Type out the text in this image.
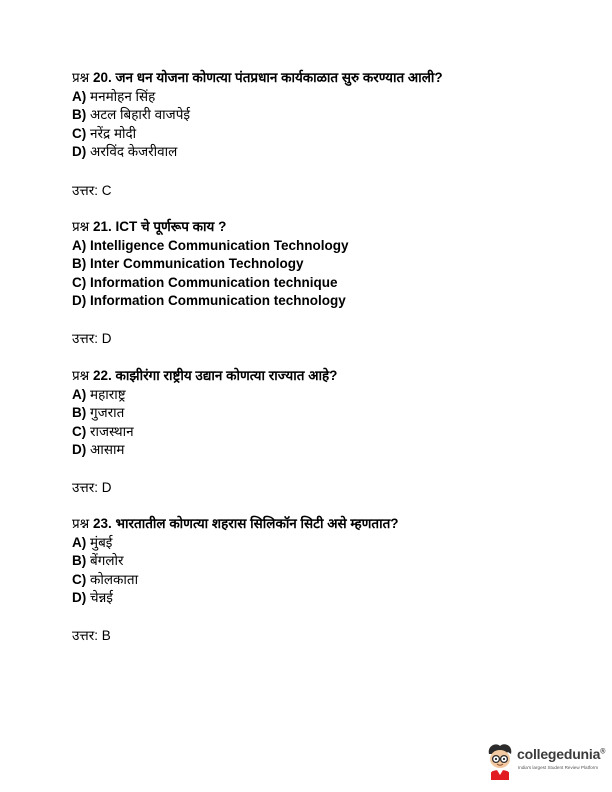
प्रश्न 20. जन धन योजना कोणत्या पंतप्रधान कार्यकाळात सुरु करण्यात आली?
A) मनमोहन सिंह
B) अटल बिहारी वाजपेई
C) नरेंद्र मोदी
D) अरविंद केजरीवाल
उत्तर: C
प्रश्न 21. ICT चे पूर्णरूप काय ?
A) Intelligence Communication Technology
B) Inter Communication Technology
C) Information Communication technique
D) Information Communication technology
उत्तर: D
प्रश्न 22. काझीरंगा राष्ट्रीय उद्यान कोणत्या राज्यात आहे?
A) महाराष्ट्र
B) गुजरात
C) राजस्थान
D) आसाम
उत्तर: D
प्रश्न 23. भारतातील कोणत्या शहरास सिलिकॉन सिटी असे म्हणतात?
A) मुंबई
B) बेंगलोर
C) कोलकाता
D) चेन्नई
उत्तर: B
collegedunia®
India's largest Student Review Platform
